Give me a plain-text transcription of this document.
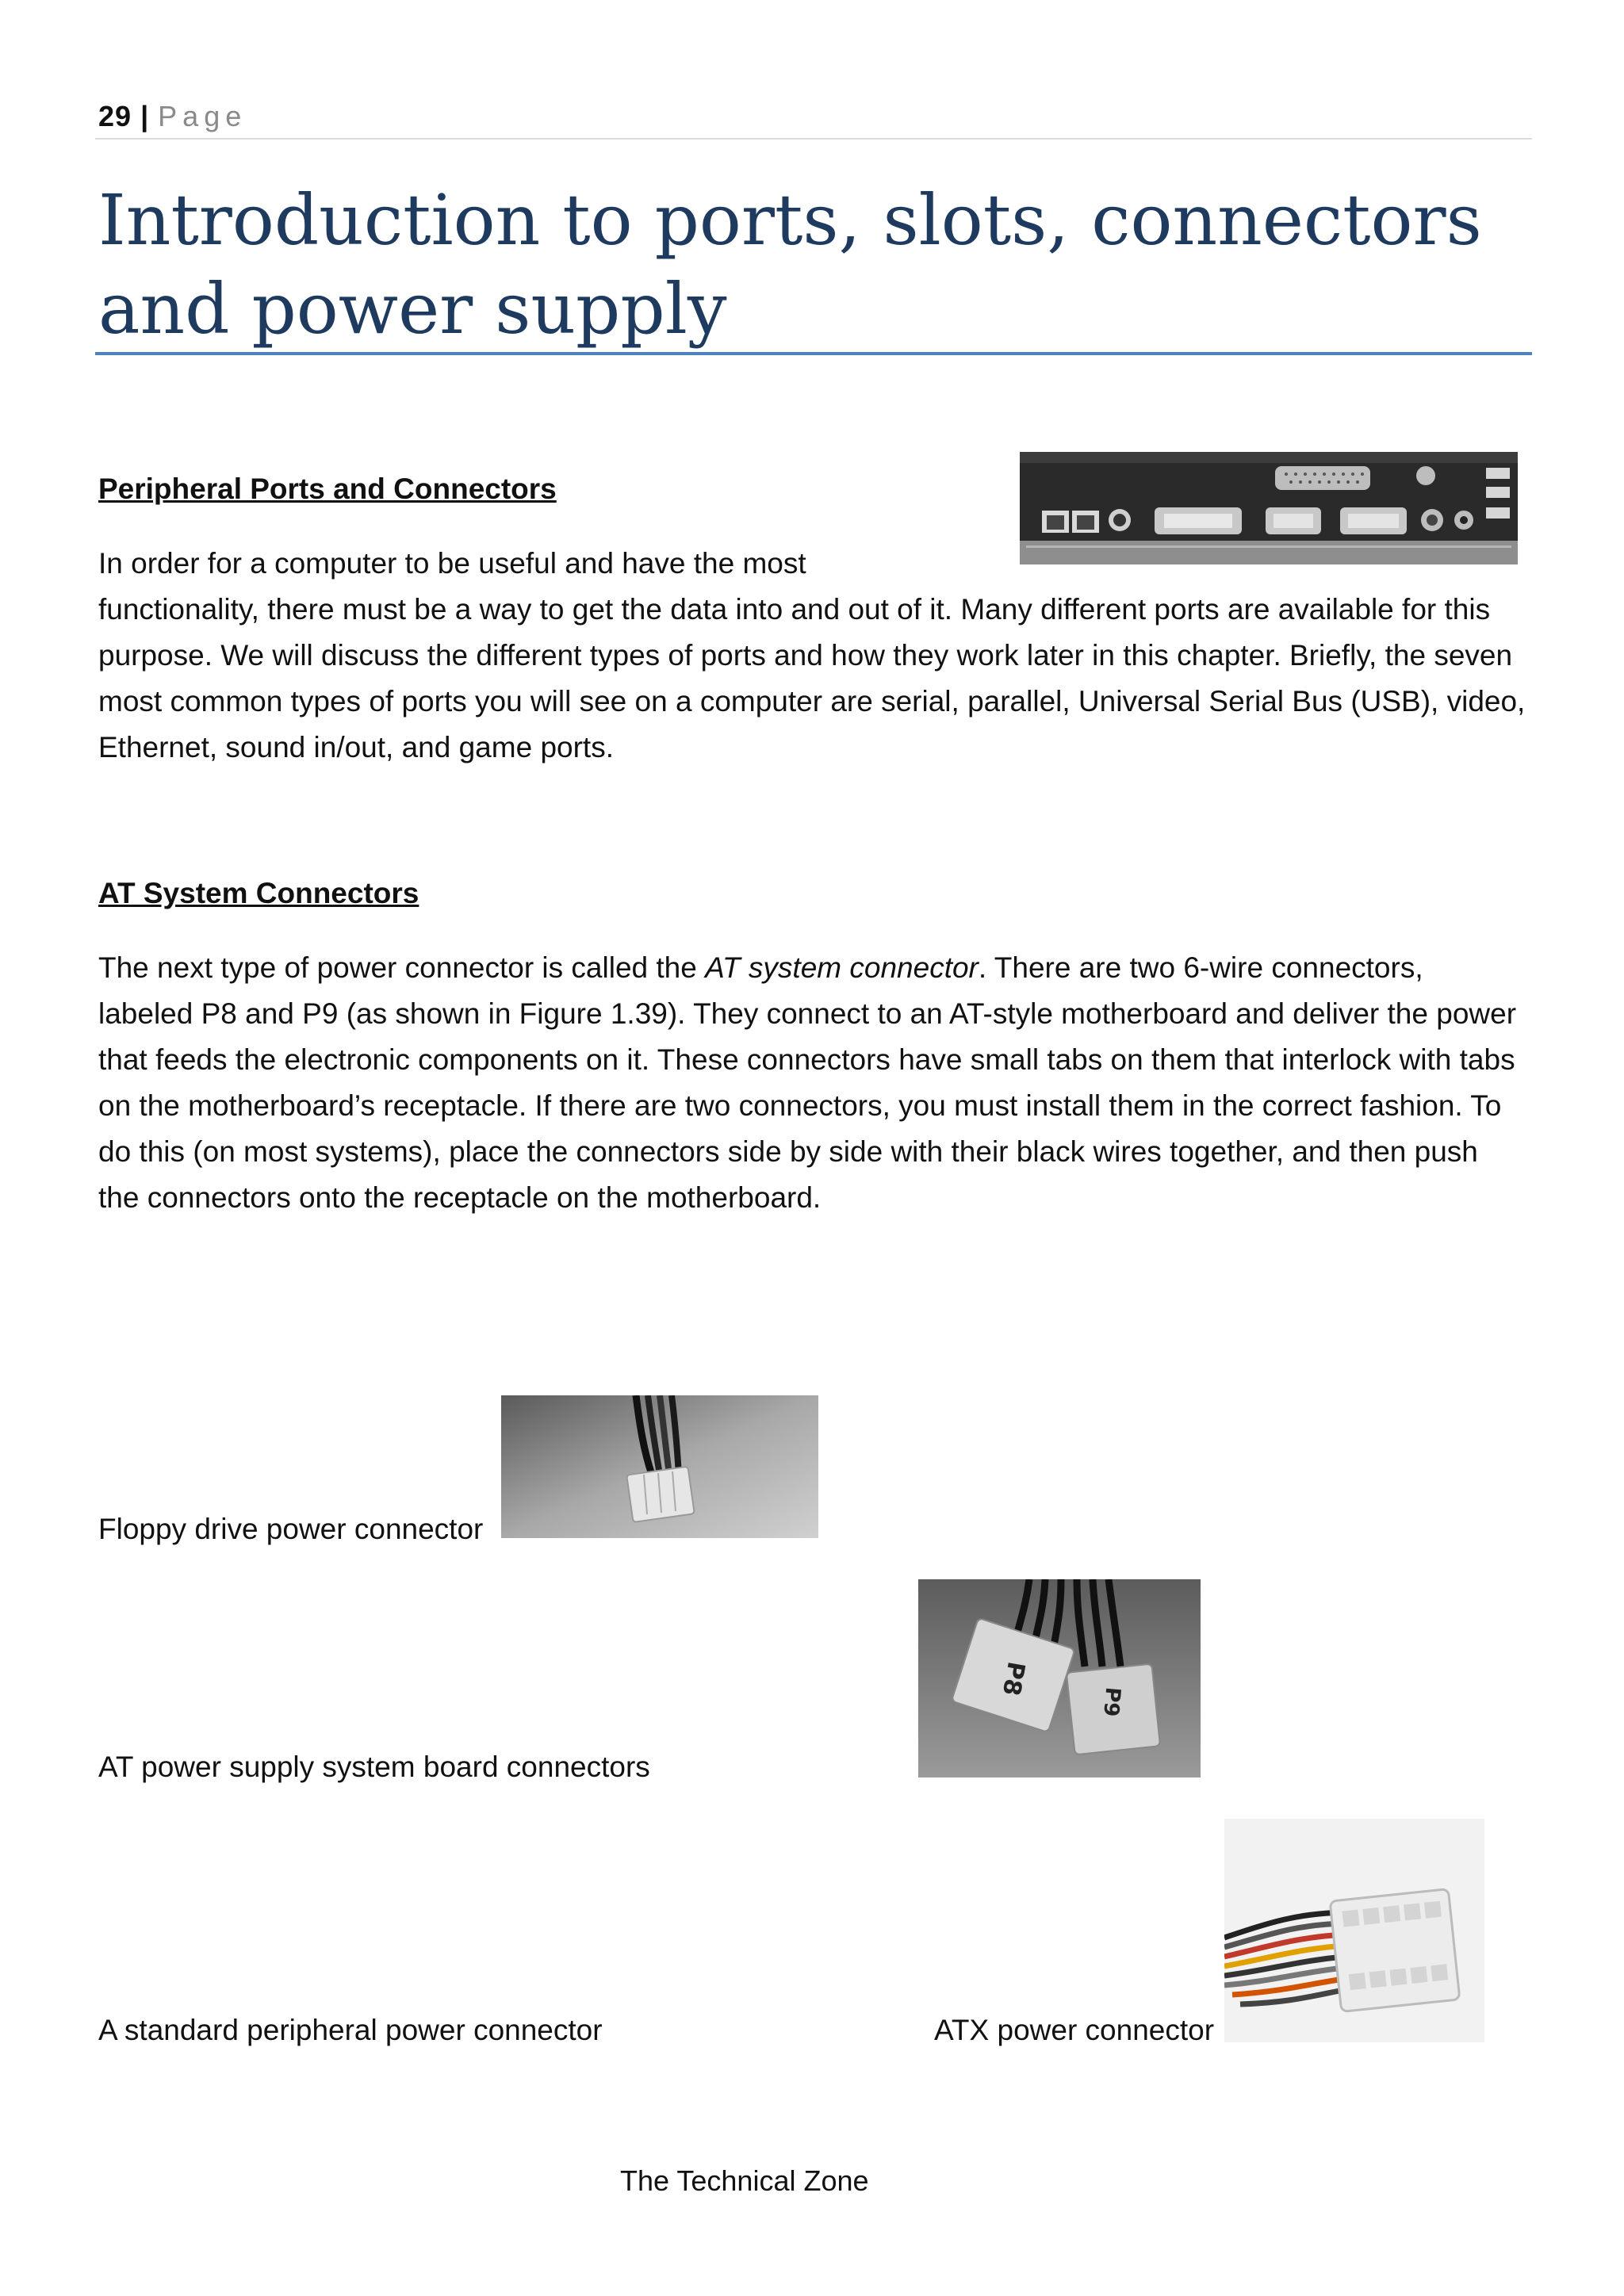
29 | Page
Introduction to ports, slots, connectors and power supply
Peripheral Ports and Connectors
In order for a computer to be useful and have the most
functionality, there must be a way to get the data into and out of it. Many different ports are available for this purpose. We will discuss the different types of ports and how they work later in this chapter. Briefly, the seven most common types of ports you will see on a computer are serial, parallel, Universal Serial Bus (USB), video, Ethernet, sound in/out, and game ports.
AT System Connectors
The next type of power connector is called the AT system connector. There are two 6-wire connectors, labeled P8 and P9 (as shown in Figure 1.39). They connect to an AT-style motherboard and deliver the power that feeds the electronic components on it. These connectors have small tabs on them that interlock with tabs on the motherboard’s receptacle. If there are two connectors, you must install them in the correct fashion. To do this (on most systems), place the connectors side by side with their black wires together, and then push the connectors onto the receptacle on the motherboard.
Floppy drive power connector
AT power supply system board connectors
P8
P9
A standard peripheral power connector	ATX power connector
The Technical Zone
